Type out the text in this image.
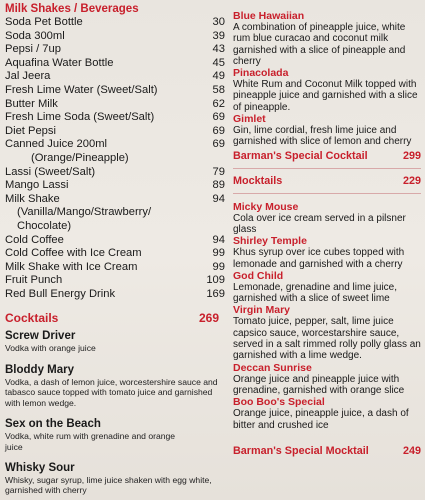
Milk Shakes / Beverages
Soda Pet Bottle	30
Soda 300ml	39
Pepsi / 7up	43
Aquafina Water Bottle	45
Jal Jeera	49
Fresh Lime Water (Sweet/Salt)	58
Butter Milk	62
Fresh Lime Soda (Sweet/Salt)	69
Diet Pepsi	69
Canned Juice 200ml	69
(Orange/Pineapple)
Lassi (Sweet/Salt)	79
Mango Lassi	89
Milk Shake	94
(Vanilla/Mango/Strawberry/
Chocolate)
Cold Coffee	94
Cold Coffee with Ice Cream	99
Milk Shake with Ice Cream	99
Fruit Punch	109
Red Bull Energy Drink	169
Cocktails	269
Screw Driver
Vodka with orange juice
Bloddy Mary
Vodka, a dash of lemon juice, worcestershire sauce and tabasco sauce topped with tomato juice and garnished with lemon wedge.
Sex on the Beach
Vodka, white rum with grenadine and orange juice
Whisky Sour
Whisky, sugar syrup, lime juice shaken with egg white, garnished with cherry
Blue Hawaiian
A combination of pineapple juice, white rum blue curacao and coconut milk garnished with a slice of pineapple and cherry
Pinacolada
White Rum and Coconut Milk topped with pineapple juice and garnished with a slice of pineapple.
Gimlet
Gin, lime cordial, fresh lime juice and garnished with slice of lemon and cherry
Barman's Special Cocktail	299
Mocktails	229
Micky Mouse
Cola over ice cream served in a pilsner glass
Shirley Temple
Khus syrup over ice cubes topped with lemonade and garnished with a cherry
God Child
Lemonade, grenadine and lime juice, garnished with a slice of sweet lime
Virgin Mary
Tomato juice, pepper, salt, lime juice capsico sauce, worcestarshire sauce, served in a salt rimmed rolly polly glass an garnished with a lime wedge.
Deccan Sunrise
Orange juice and pineapple juice with grenadine, garnished with orange slice
Boo Boo's Special
Orange juice, pineapple juice, a dash of bitter and crushed ice
Barman's Special Mocktail	249
